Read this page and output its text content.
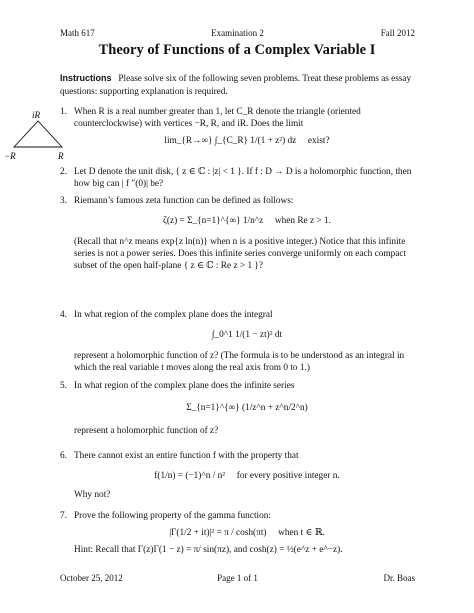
Math 617	Examination 2	Fall 2012
Theory of Functions of a Complex Variable I
Instructions Please solve six of the following seven problems. Treat these problems as essay questions: supporting explanation is required.
iR
−R	R
1. When R is a real number greater than 1, let C_R denote the triangle (oriented counterclockwise) with vertices −R, R, and iR. Does the limit

lim_{R→∞} ∫_{C_R} 1/(1 + z²) dz exist?
2. Let D denote the unit disk, { z ∈ ℂ : |z| < 1 }. If f : D → D is a holomorphic function, then how big can | f ″(0)| be?

3. Riemann’s famous zeta function can be defined as follows:

ζ(z) = Σ_{n=1}^{∞} 1/n^z when Re z > 1.

(Recall that n^z means exp{z ln(n)} when n is a positive integer.) Notice that this infinite series is not a power series. Does this infinite series converge uniformly on each compact subset of the open half-plane { z ∈ ℂ : Re z > 1 }?

4. In what region of the complex plane does the integral

∫_0^1 1/(1 − zt)² dt

represent a holomorphic function of z? (The formula is to be understood as an integral in which the real variable t moves along the real axis from 0 to 1.)

5. In what region of the complex plane does the infinite series

Σ_{n=1}^{∞} (1/z^n + z^n/2^n)

represent a holomorphic function of z?

6. There cannot exist an entire function f with the property that

f(1/n) = (−1)^n / n² for every positive integer n.

Why not?

7. Prove the following property of the gamma function:

|Γ(1/2 + it)|² = π / cosh(πt) when t ∈ ℝ.

Hint: Recall that Γ(z)Γ(1 − z) = π/ sin(πz), and cosh(z) = ½(e^z + e^−z).

October 25, 2012	Page 1 of 1	Dr. Boas
